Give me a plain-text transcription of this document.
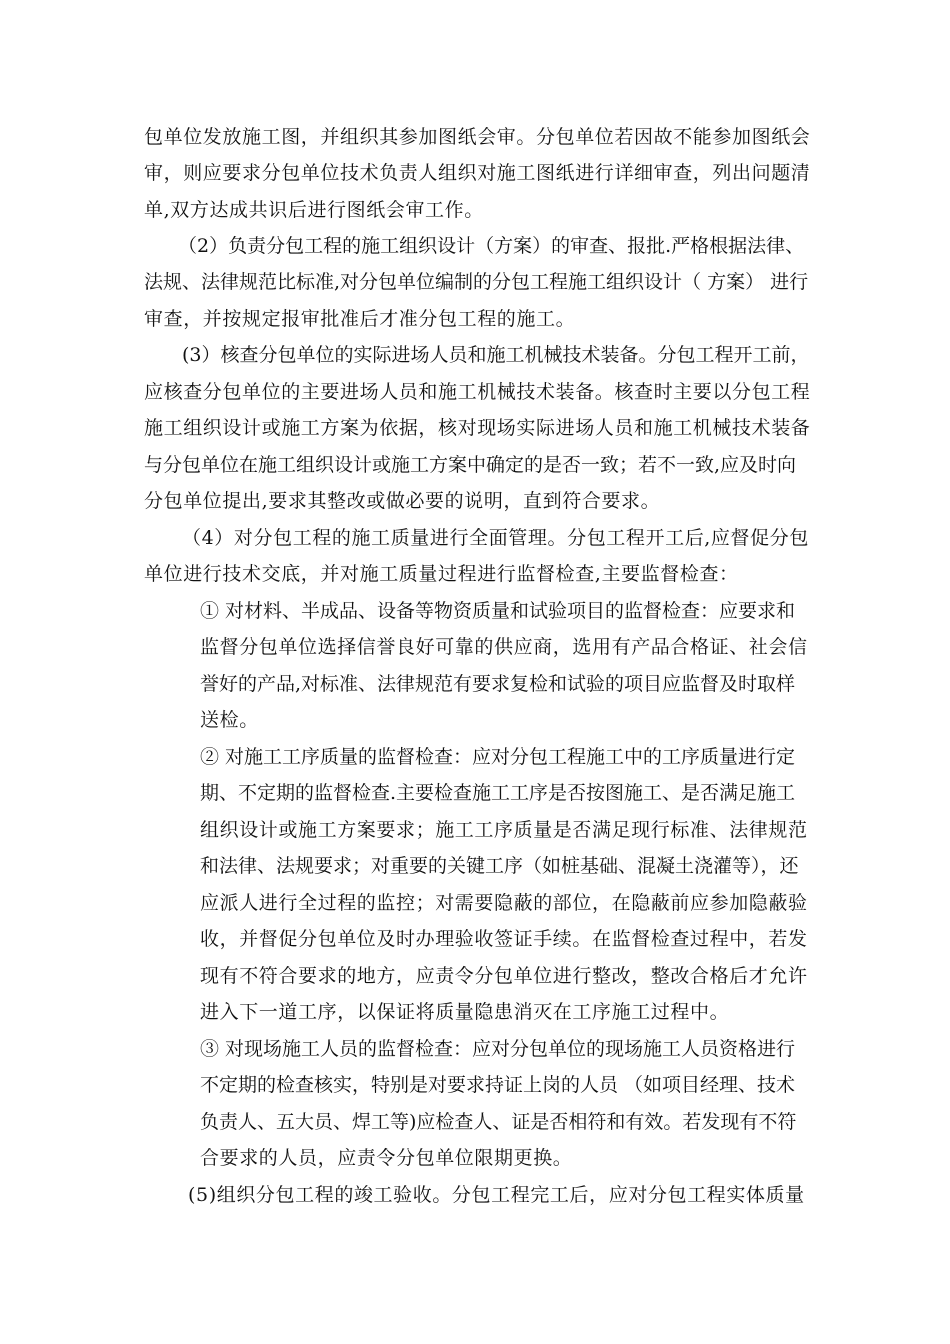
包单位发放施工图，并组织其参加图纸会审。分包单位若因故不能参加图纸会
审，则应要求分包单位技术负责人组织对施工图纸进行详细审查，列出问题清
单,双方达成共识后进行图纸会审工作。
（2）负责分包工程的施工组织设计（方案）的审查、报批.严格根据法律、
法规、法律规范比标准,对分包单位编制的分包工程施工组织设计（ 方案） 进行
审查，并按规定报审批准后才准分包工程的施工。
(3）核查分包单位的实际进场人员和施工机械技术装备。分包工程开工前，
应核查分包单位的主要进场人员和施工机械技术装备。核查时主要以分包工程
施工组织设计或施工方案为依据，核对现场实际进场人员和施工机械技术装备
与分包单位在施工组织设计或施工方案中确定的是否一致；若不一致,应及时向
分包单位提出,要求其整改或做必要的说明，直到符合要求。
（4）对分包工程的施工质量进行全面管理。分包工程开工后,应督促分包
单位进行技术交底，并对施工质量过程进行监督检查,主要监督检查：
① 对材料、半成品、设备等物资质量和试验项目的监督检查：应要求和
监督分包单位选择信誉良好可靠的供应商，选用有产品合格证、社会信
誉好的产品,对标准、法律规范有要求复检和试验的项目应监督及时取样
送检。
② 对施工工序质量的监督检查：应对分包工程施工中的工序质量进行定
期、不定期的监督检查.主要检查施工工序是否按图施工、是否满足施工
组织设计或施工方案要求；施工工序质量是否满足现行标准、法律规范
和法律、法规要求；对重要的关键工序（如桩基础、混凝土浇灌等），还
应派人进行全过程的监控；对需要隐蔽的部位，在隐蔽前应参加隐蔽验
收，并督促分包单位及时办理验收签证手续。在监督检查过程中，若发
现有不符合要求的地方，应责令分包单位进行整改，整改合格后才允许
进入下一道工序，以保证将质量隐患消灭在工序施工过程中。
③ 对现场施工人员的监督检查：应对分包单位的现场施工人员资格进行
不定期的检查核实，特别是对要求持证上岗的人员 （如项目经理、技术
负责人、五大员、焊工等)应检查人、证是否相符和有效。若发现有不符
合要求的人员，应责令分包单位限期更换。
(5)组织分包工程的竣工验收。分包工程完工后，应对分包工程实体质量
